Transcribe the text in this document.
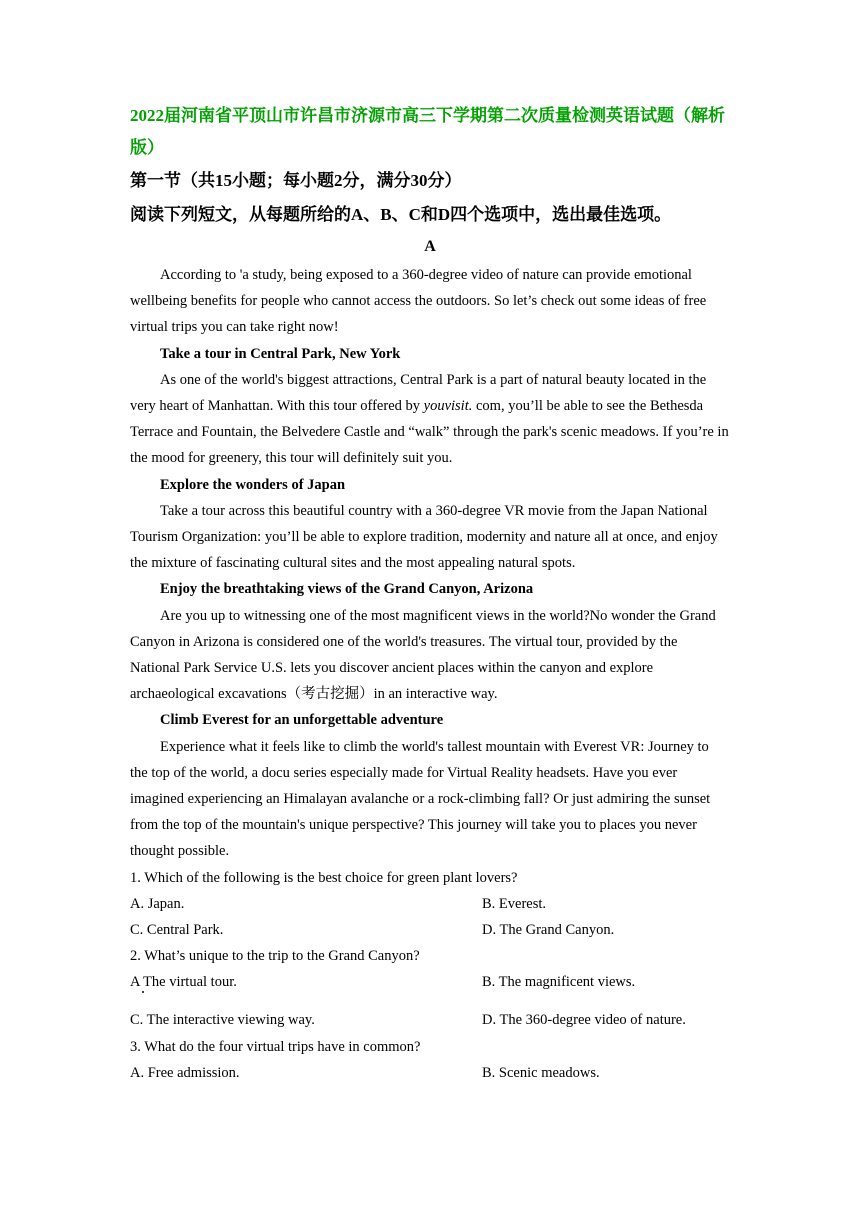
2022届河南省平顶山市许昌市济源市高三下学期第二次质量检测英语试题（解析版）

第一节（共15小题；每小题2分，满分30分）

阅读下列短文，从每题所给的A、B、C和D四个选项中，选出最佳选项。

A

According to 'a study, being exposed to a 360-degree video of nature can provide emotional wellbeing benefits for people who cannot access the outdoors. So let’s check out some ideas of free virtual trips you can take right now!

Take a tour in Central Park, New York

As one of the world's biggest attractions, Central Park is a part of natural beauty located in the very heart of Manhattan. With this tour offered by youvisit. com, you’ll be able to see the Bethesda Terrace and Fountain, the Belvedere Castle and “walk” through the park's scenic meadows. If you’re in the mood for greenery, this tour will definitely suit you.

Explore the wonders of Japan

Take a tour across this beautiful country with a 360-degree VR movie from the Japan National Tourism Organization: you’ll be able to explore tradition, modernity and nature all at once, and enjoy the mixture of fascinating cultural sites and the most appealing natural spots.

Enjoy the breathtaking views of the Grand Canyon, Arizona

Are you up to witnessing one of the most magnificent views in the world?No wonder the Grand Canyon in Arizona is considered one of the world's treasures. The virtual tour, provided by the National Park Service U.S. lets you discover ancient places within the canyon and explore archaeological excavations（考古挖掘）in an interactive way.

Climb Everest for an unforgettable adventure

Experience what it feels like to climb the world's tallest mountain with Everest VR: Journey to the top of the world, a docu series especially made for Virtual Reality headsets. Have you ever imagined experiencing an Himalayan avalanche or a rock-climbing fall? Or just admiring the sunset from the top of the mountain's unique perspective? This journey will take you to places you never thought possible.

1. Which of the following is the best choice for green plant lovers?

A. Japan.	B. Everest.
C. Central Park.	D. The Grand Canyon.

2. What’s unique to the trip to the Grand Canyon?

A The virtual tour.	B. The magnificent views.
C. The interactive viewing way.	D. The 360-degree video of nature.

3. What do the four virtual trips have in common?

A. Free admission.	B. Scenic meadows.
